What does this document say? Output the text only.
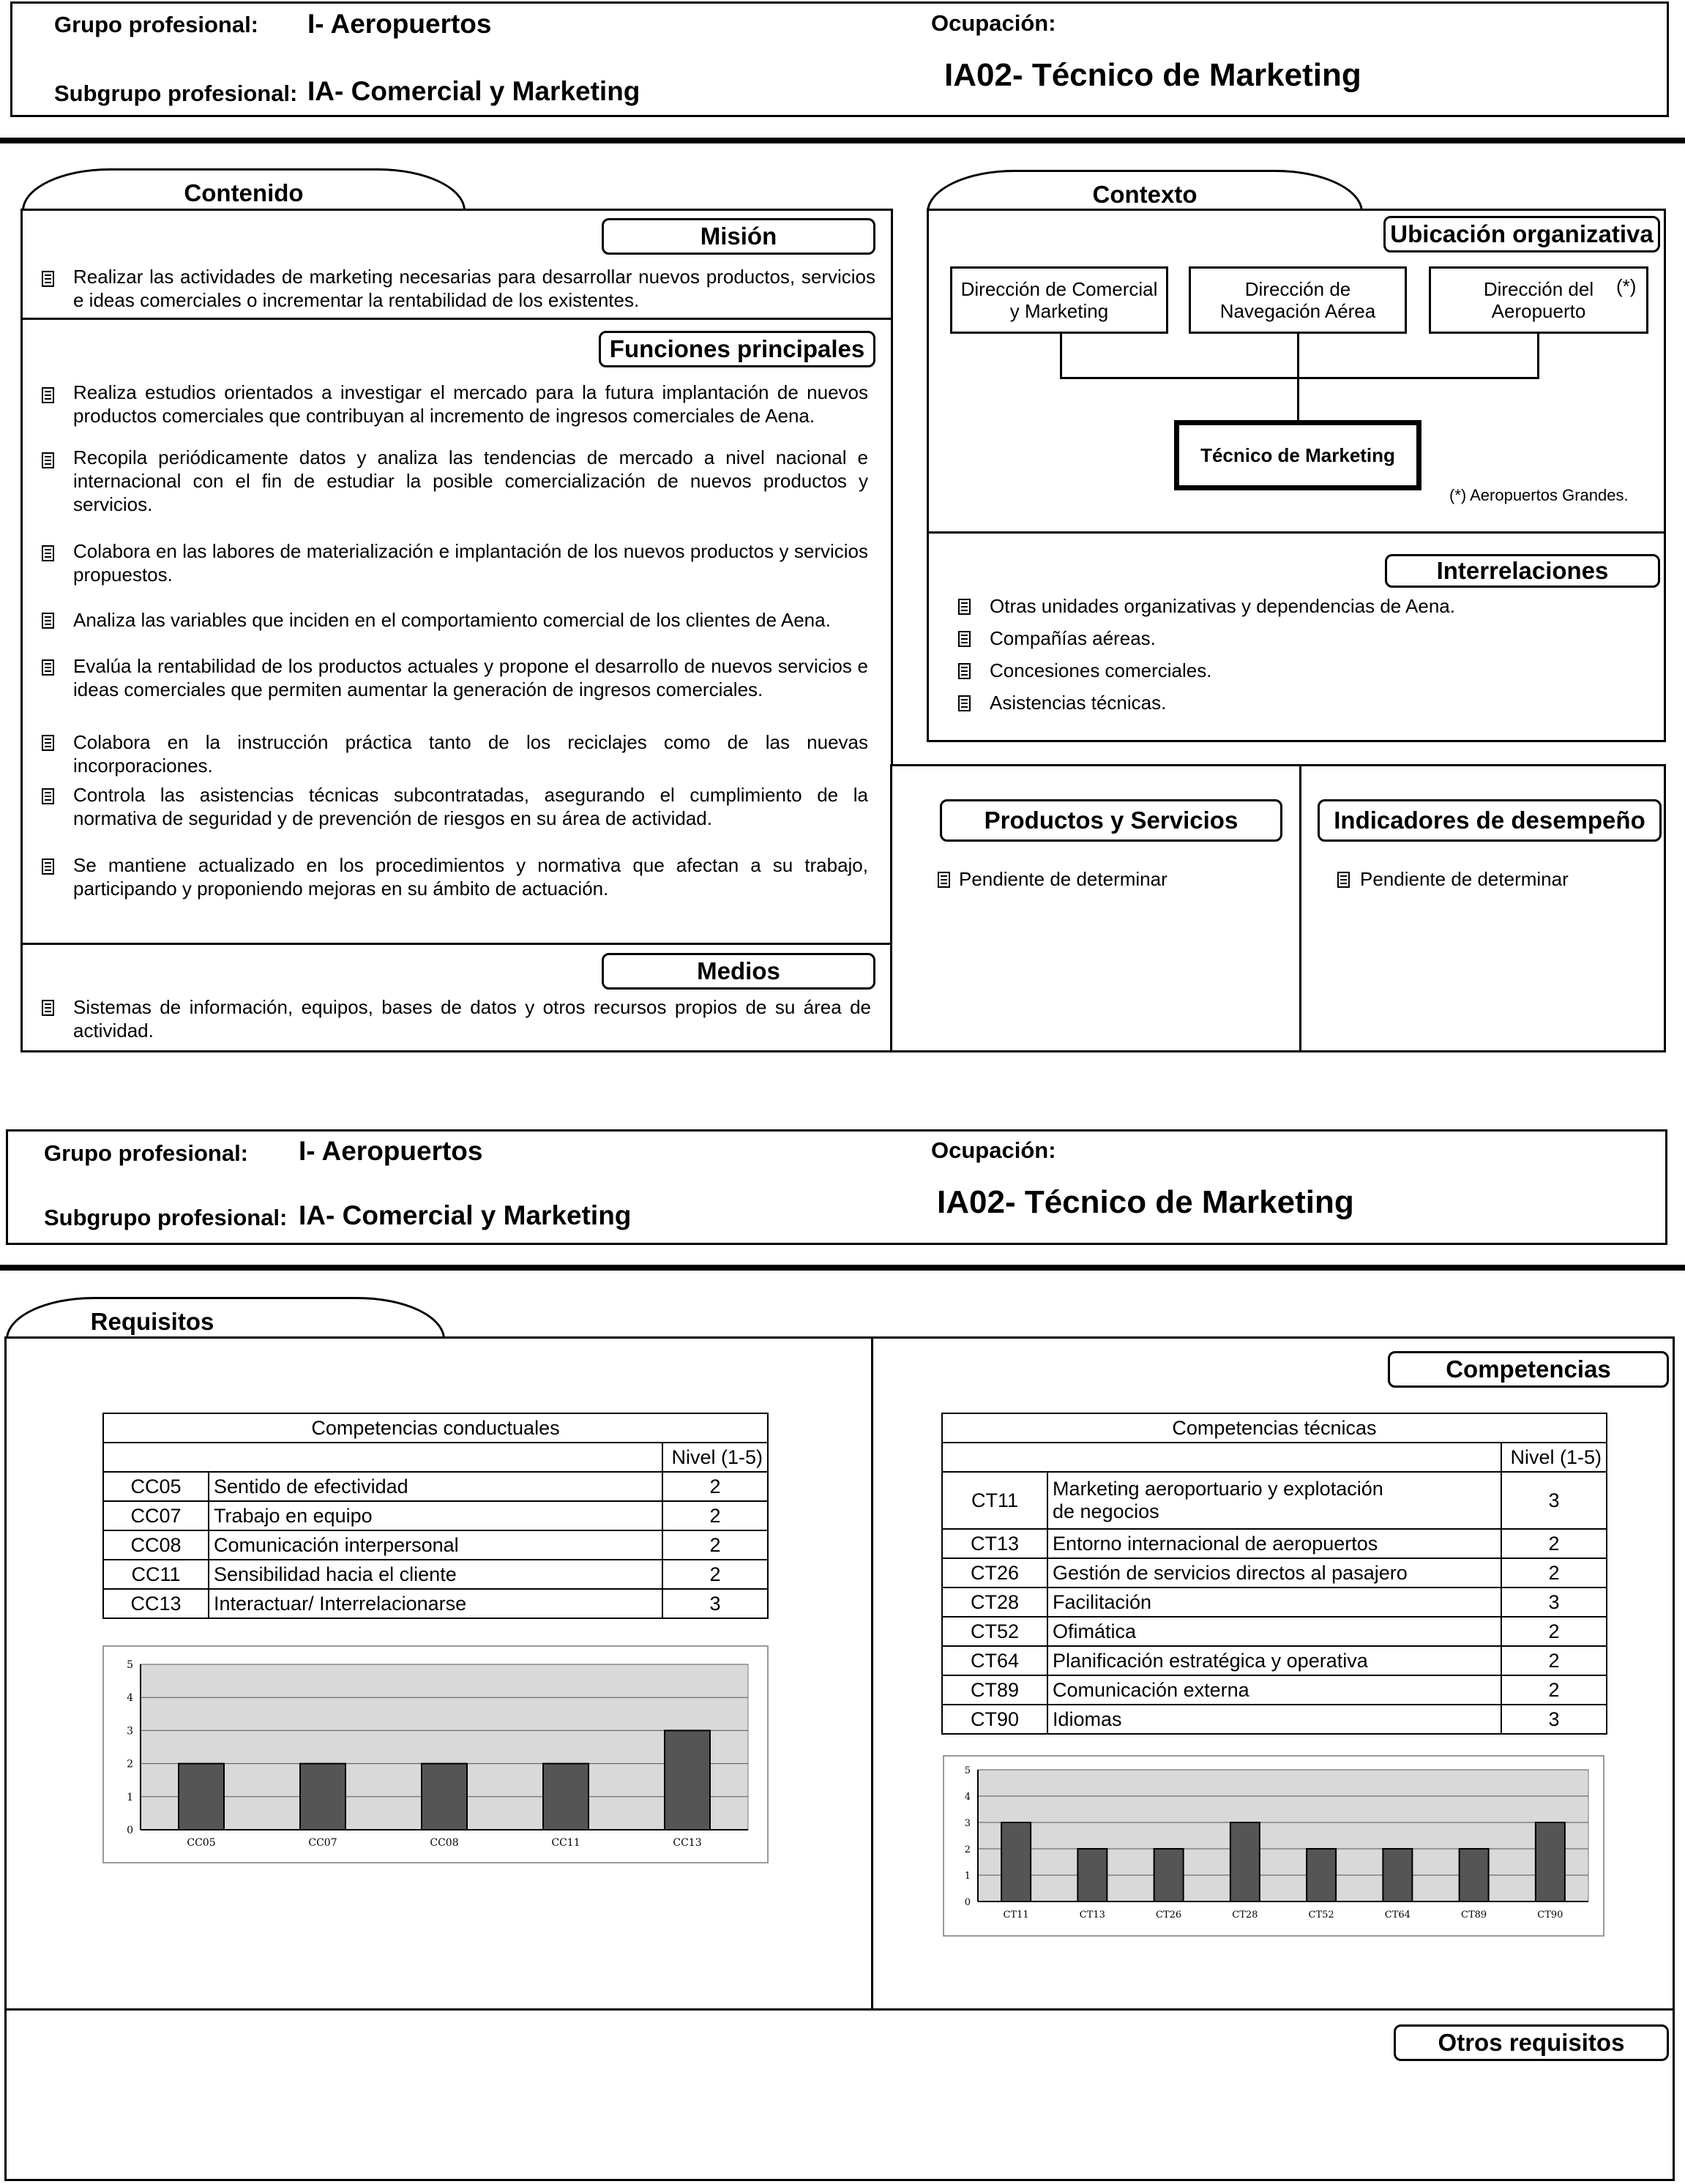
Grupo profesional: I- Aeropuertos
Subgrupo profesional: IA- Comercial y Marketing
Ocupación:
IA02- Técnico de Marketing
Contenido
Misión
Realizar las actividades de marketing necesarias para desarrollar nuevos productos, servicios e ideas comerciales o incrementar la rentabilidad de los existentes.
Funciones principales
Realiza estudios orientados a investigar el mercado para la futura implantación de nuevos productos comerciales que contribuyan al incremento de ingresos comerciales de Aena.
Recopila periódicamente datos y analiza las tendencias de mercado a nivel nacional e internacional con el fin de estudiar la posible comercialización de nuevos productos y servicios.
Colabora en las labores de materialización e implantación de los nuevos productos y servicios propuestos.
Analiza las variables que inciden en el comportamiento comercial de los clientes de Aena.
Evalúa la rentabilidad de los productos actuales y propone el desarrollo de nuevos servicios e ideas comerciales que permiten aumentar la generación de ingresos comerciales.
Colabora en la instrucción práctica tanto de los reciclajes como de las nuevas incorporaciones.
Controla las asistencias técnicas subcontratadas, asegurando el cumplimiento de la normativa de seguridad y de prevención de riesgos en su área de actividad.
Se mantiene actualizado en los procedimientos y normativa que afectan a su trabajo, participando y proponiendo mejoras en su ámbito de actuación.
Medios
Sistemas de información, equipos, bases de datos y otros recursos propios de su área de actividad.
Contexto
Ubicación organizativa
Dirección de Comercial y Marketing
Dirección de Navegación Aérea
Dirección del Aeropuerto
(*)
Técnico de Marketing
(*) Aeropuertos Grandes.
Interrelaciones
Otras unidades organizativas y dependencias de Aena.
Compañías aéreas.
Concesiones comerciales.
Asistencias técnicas.
Productos y Servicios	Indicadores de desempeño
Pendiente de determinar	Pendiente de determinar
Grupo profesional: I- Aeropuertos
Subgrupo profesional: IA- Comercial y Marketing
Ocupación:
IA02- Técnico de Marketing
Requisitos
Competencias
Competencias conductuales		
		Nivel (1-5)
CC05	Sentido de efectividad	2
CC07	Trabajo en equipo	2
CC08	Comunicación interpersonal	2
CC11	Sensibilidad hacia el cliente	2
CC13	Interactuar/ Interrelacionarse	3
Competencias técnicas		
		Nivel (1-5)
CT11	Marketing aeroportuario y explotación de negocios	3
CT13	Entorno internacional de aeropuertos	2
CT26	Gestión de servicios directos al pasajero	2
CT28	Facilitación	3
CT52	Ofimática	2
CT64	Planificación estratégica y operativa	2
CT89	Comunicación externa	2
CT90	Idiomas	3
0
1
2
3
4
5
CC05	CC07	CC08	CC11	CC13
0
1
2
3
4
5
CT11	CT13	CT26	CT28	CT52	CT64	CT89	CT90
Otros requisitos
